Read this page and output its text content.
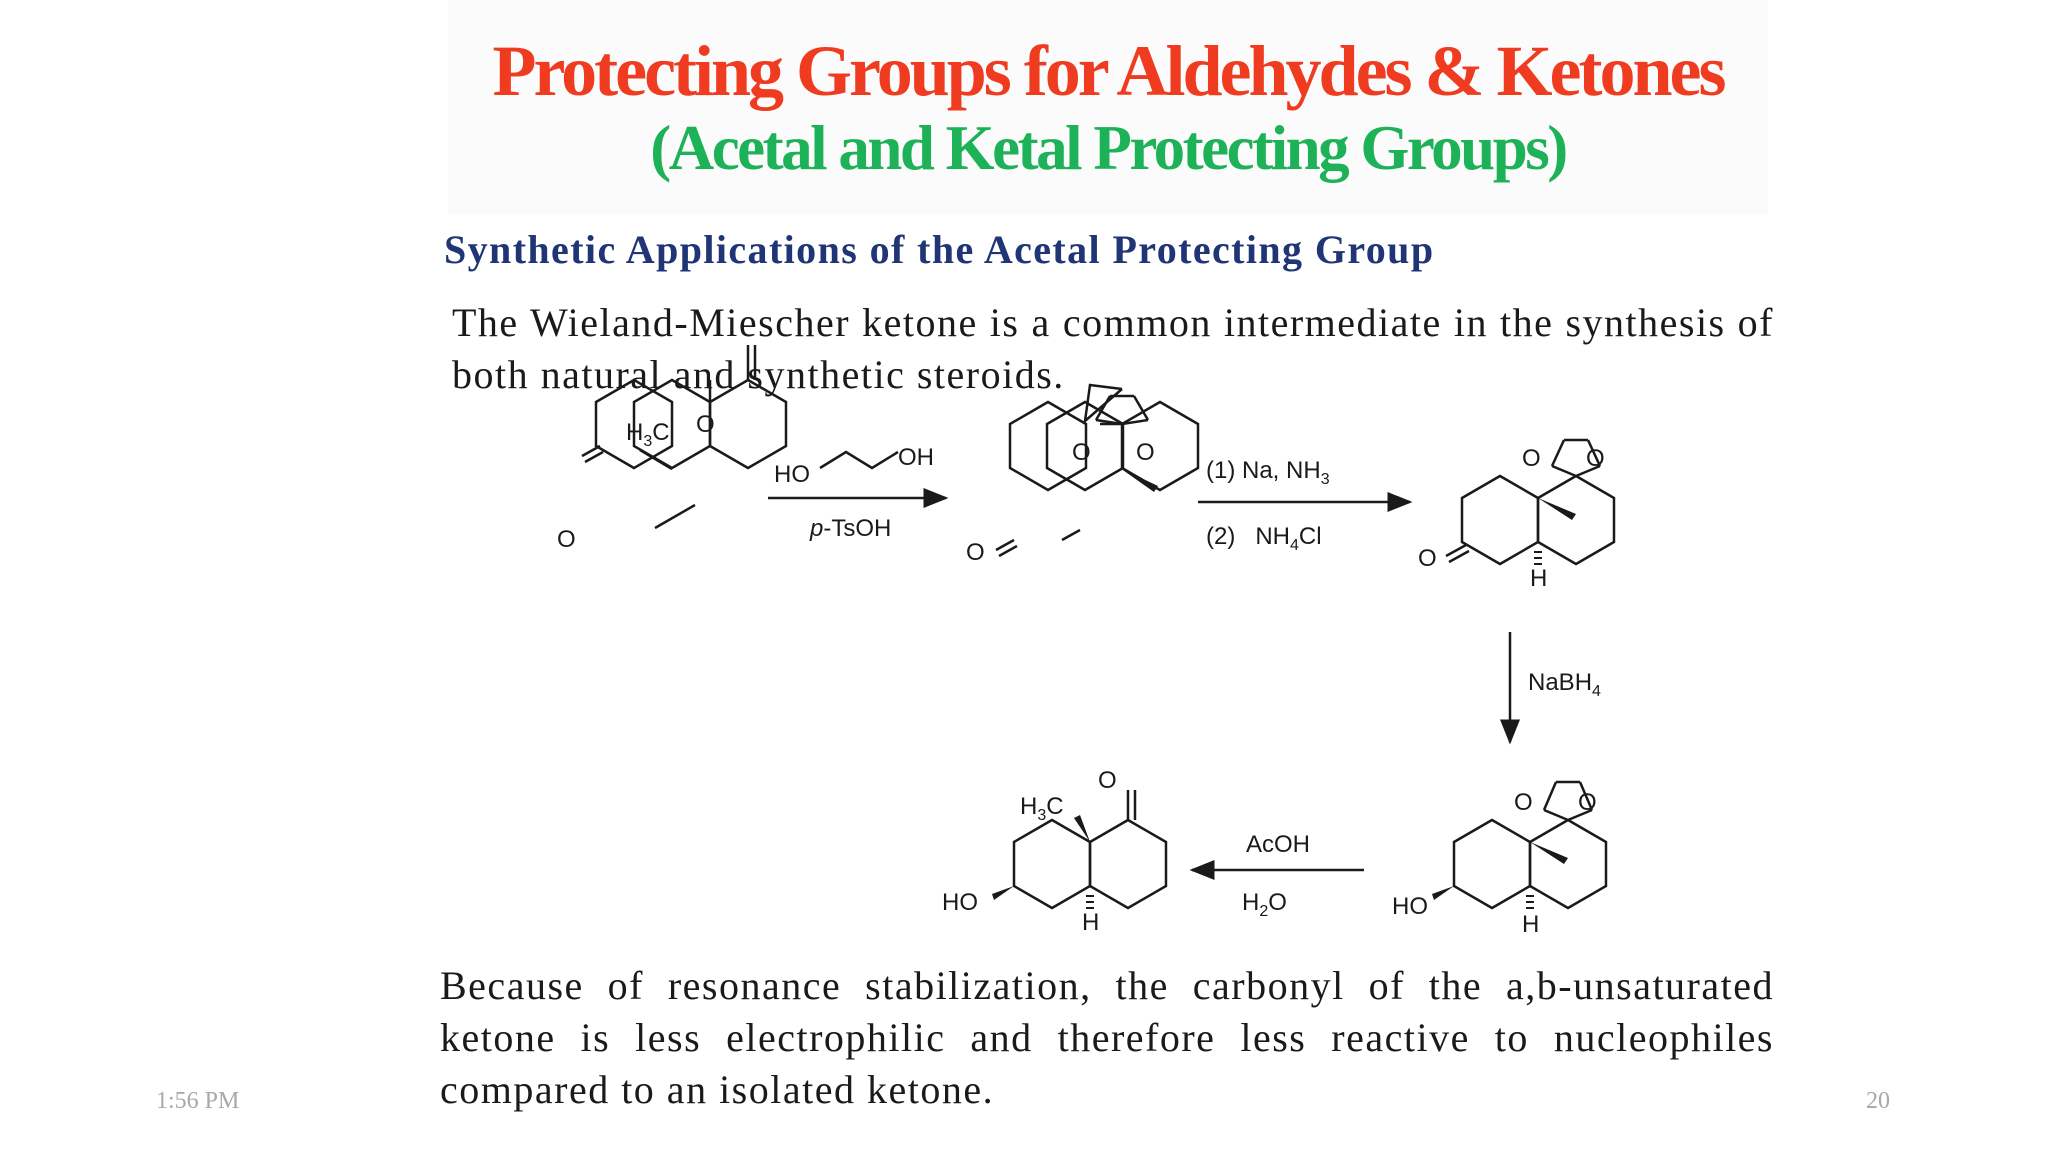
Protecting Groups for Aldehydes & Ketones
(Acetal and Ketal Protecting Groups)
Synthetic Applications of the Acetal Protecting Group
The Wieland-Miescher ketone is a common intermediate in the synthesis of both natural and synthetic steroids.
$H_3C$ O
O
HO
OH
p-TsOH
O O
O
(1) Na, $NH_3$
(2)   $NH_4Cl$
O O
O
H
NaBH$_4$
O O
HO
H
AcOH
$H_2O$
$H_3C$
O
HO
H
Because of resonance stabilization, the carbonyl of the a,b-unsaturated ketone is less electrophilic and therefore less reactive to nucleophiles compared to an isolated ketone.
1:56 PM	20
